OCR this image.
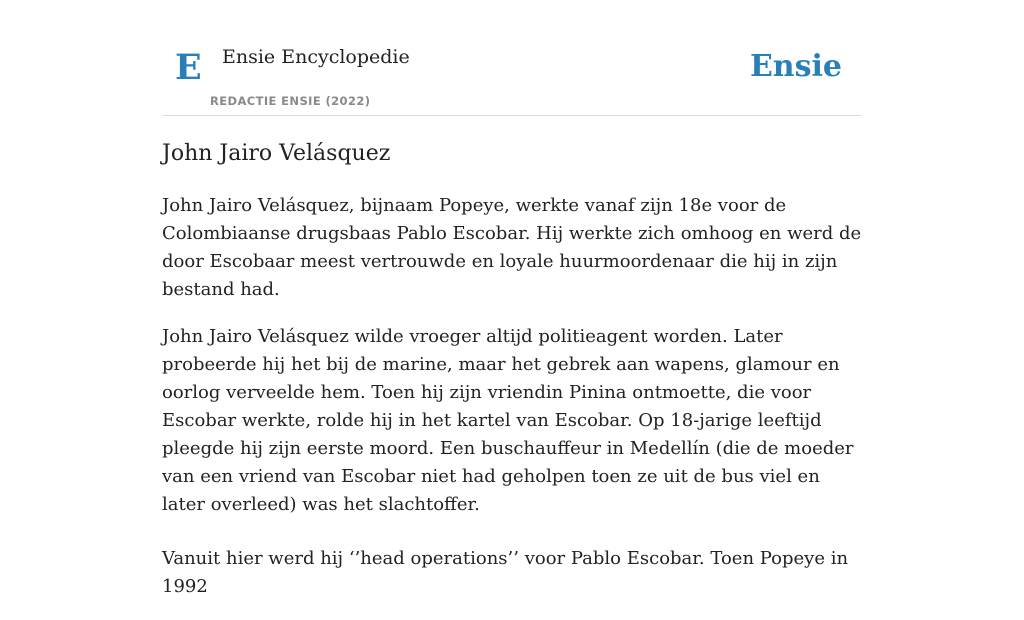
E Ensie Encyclopedie
REDACTIE ENSIE (2022)
Ensie
John Jairo Velásquez

John Jairo Velásquez, bijnaam Popeye, werkte vanaf zijn 18e voor de Colombiaanse drugsbaas Pablo Escobar. Hij werkte zich omhoog en werd de door Escobaar meest vertrouwde en loyale huurmoordenaar die hij in zijn bestand had.

John Jairo Velásquez wilde vroeger altijd politieagent worden. Later probeerde hij het bij de marine, maar het gebrek aan wapens, glamour en oorlog verveelde hem. Toen hij zijn vriendin Pinina ontmoette, die voor Escobar werkte, rolde hij in het kartel van Escobar. Op 18-jarige leeftijd pleegde hij zijn eerste moord. Een buschauffeur in Medellín (die de moeder van een vriend van Escobar niet had geholpen toen ze uit de bus viel en later overleed) was het slachtoffer.

Vanuit hier werd hij ‘’head operations’’ voor Pablo Escobar. Toen Popeye in 1992
